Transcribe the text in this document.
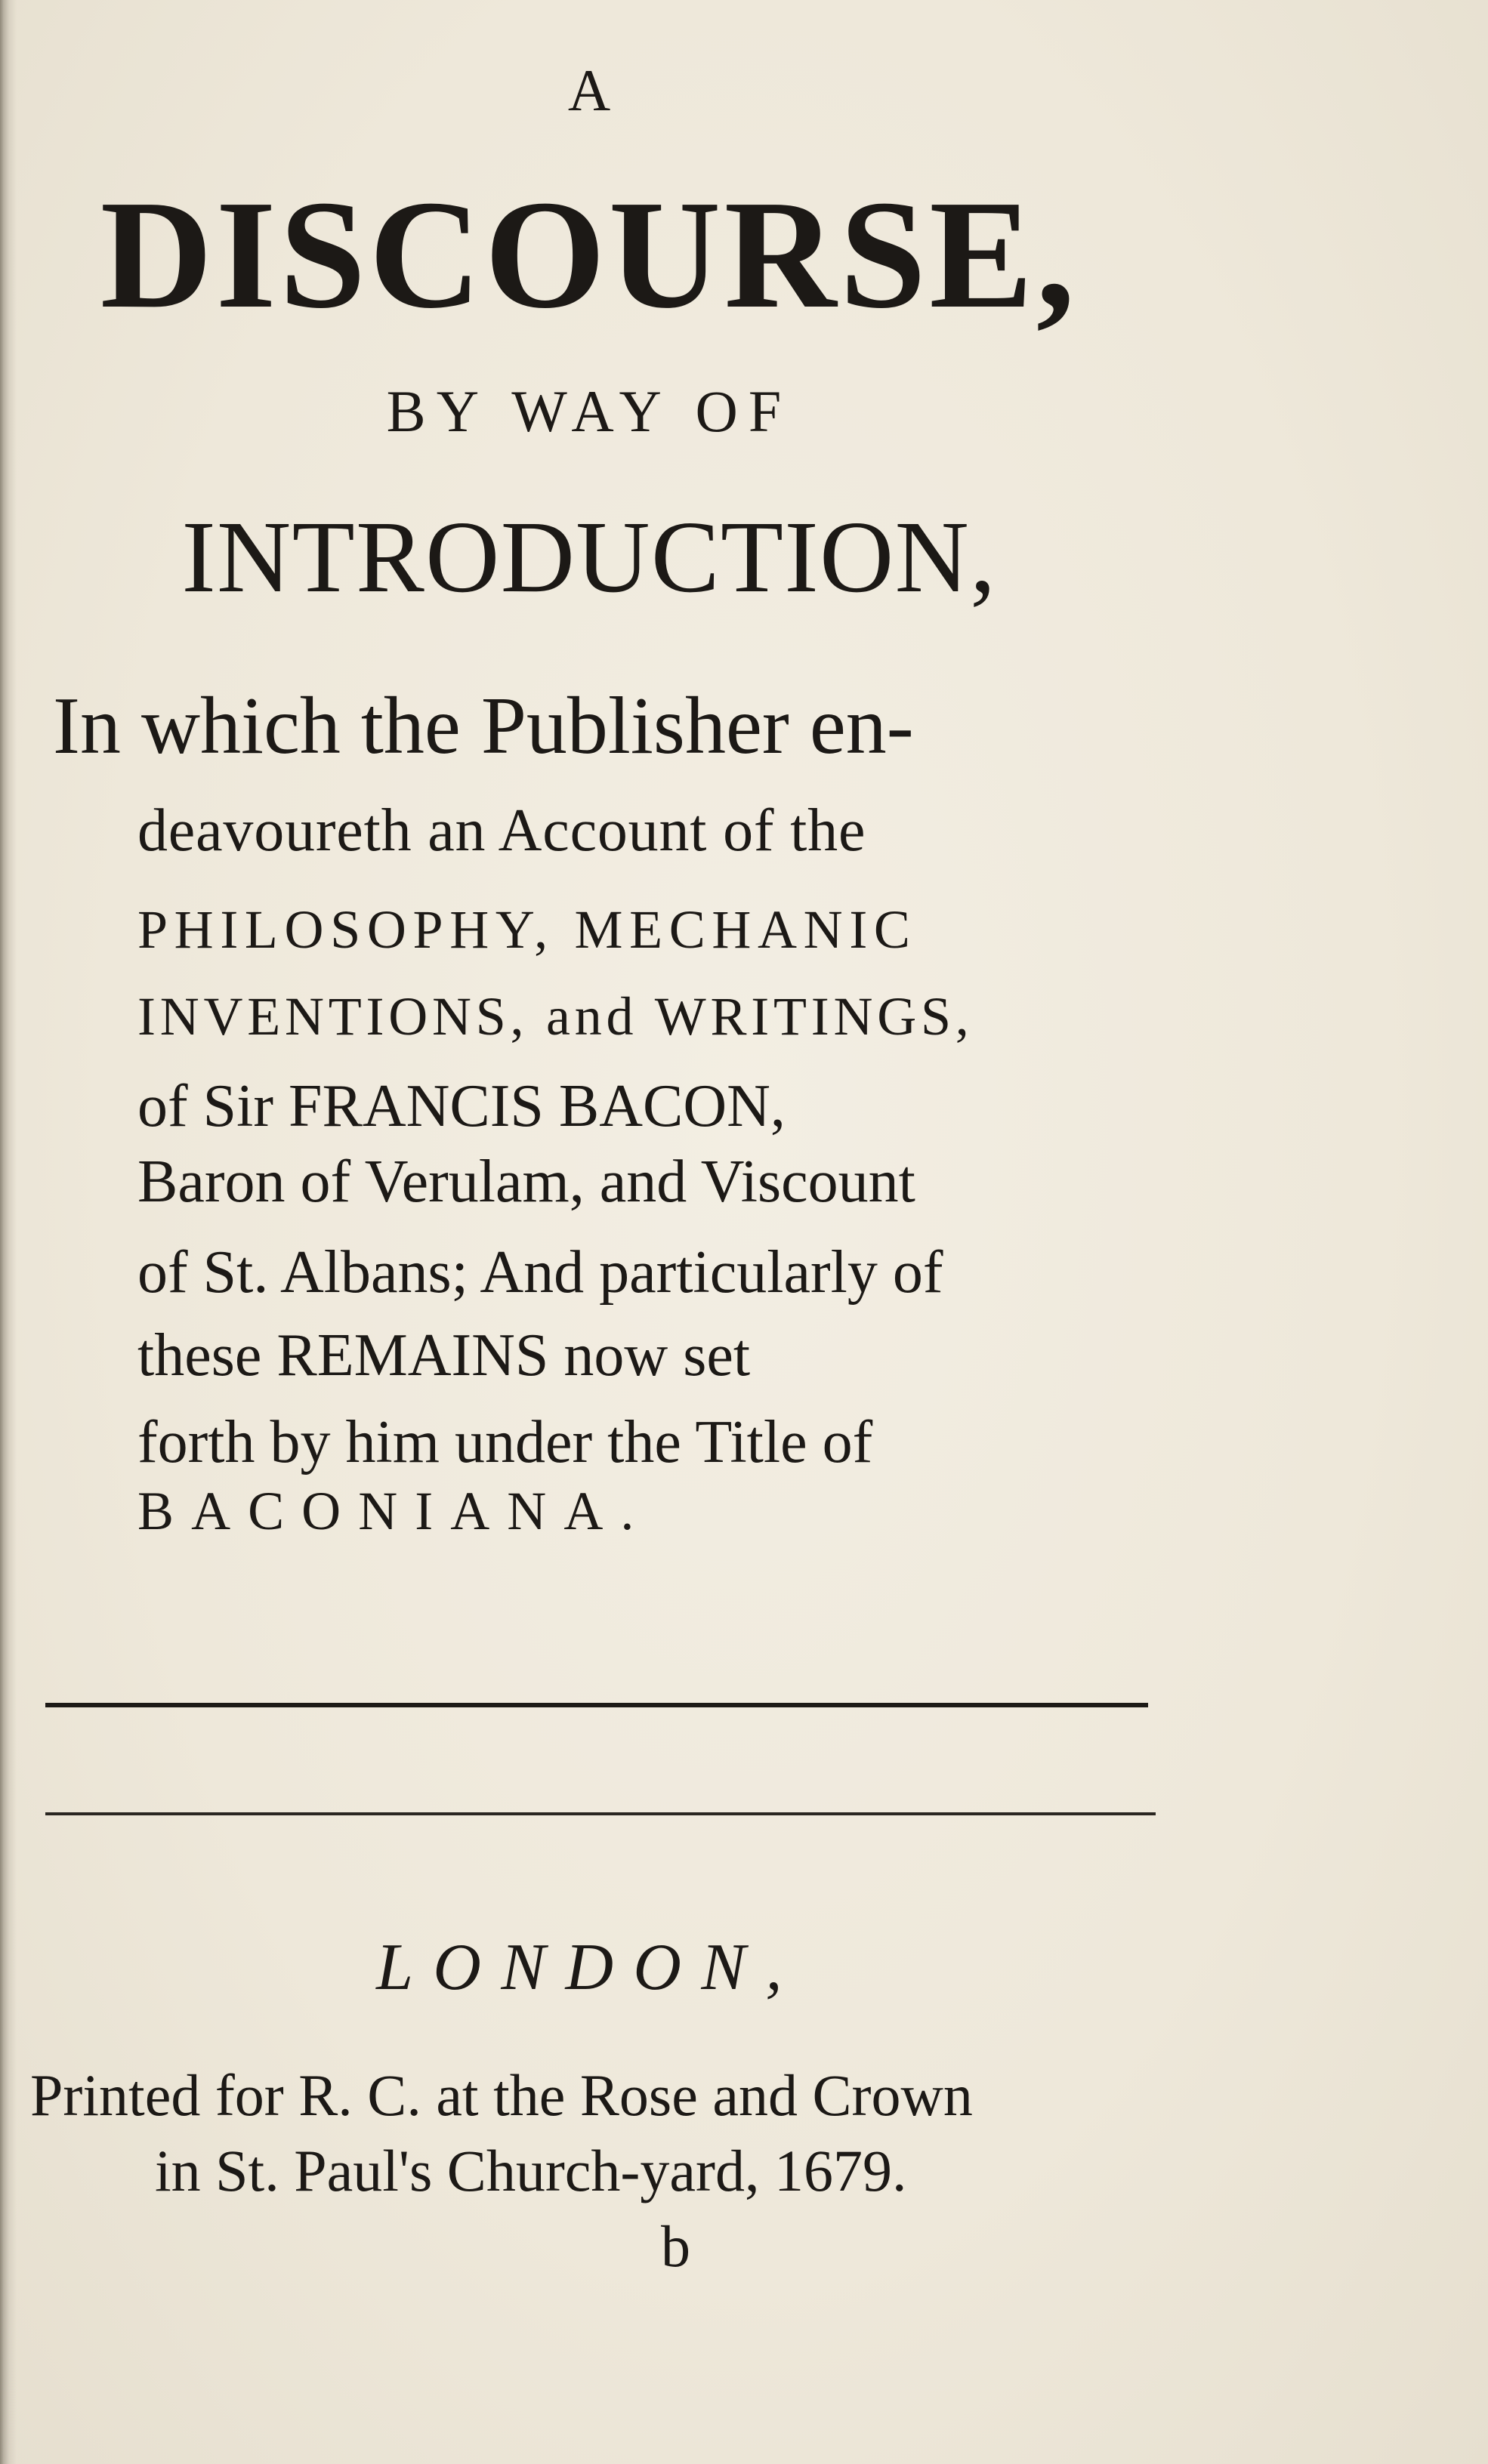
A
DISCOURSE,
BY WAY OF
INTRODUCTION,
In which the Publisher en-
deavoureth an Account of the
PHILOSOPHY, MECHANIC
INVENTIONS, and WRITINGS,
of Sir FRANCIS BACON,
Baron of Verulam, and Viscount
of St. Albans; And particularly of
these REMAINS now set
forth by him under the Title of
BACONIANA.
LONDON,
Printed for R. C. at the Rose and Crown
in St. Paul's Church-yard, 1679.
b
